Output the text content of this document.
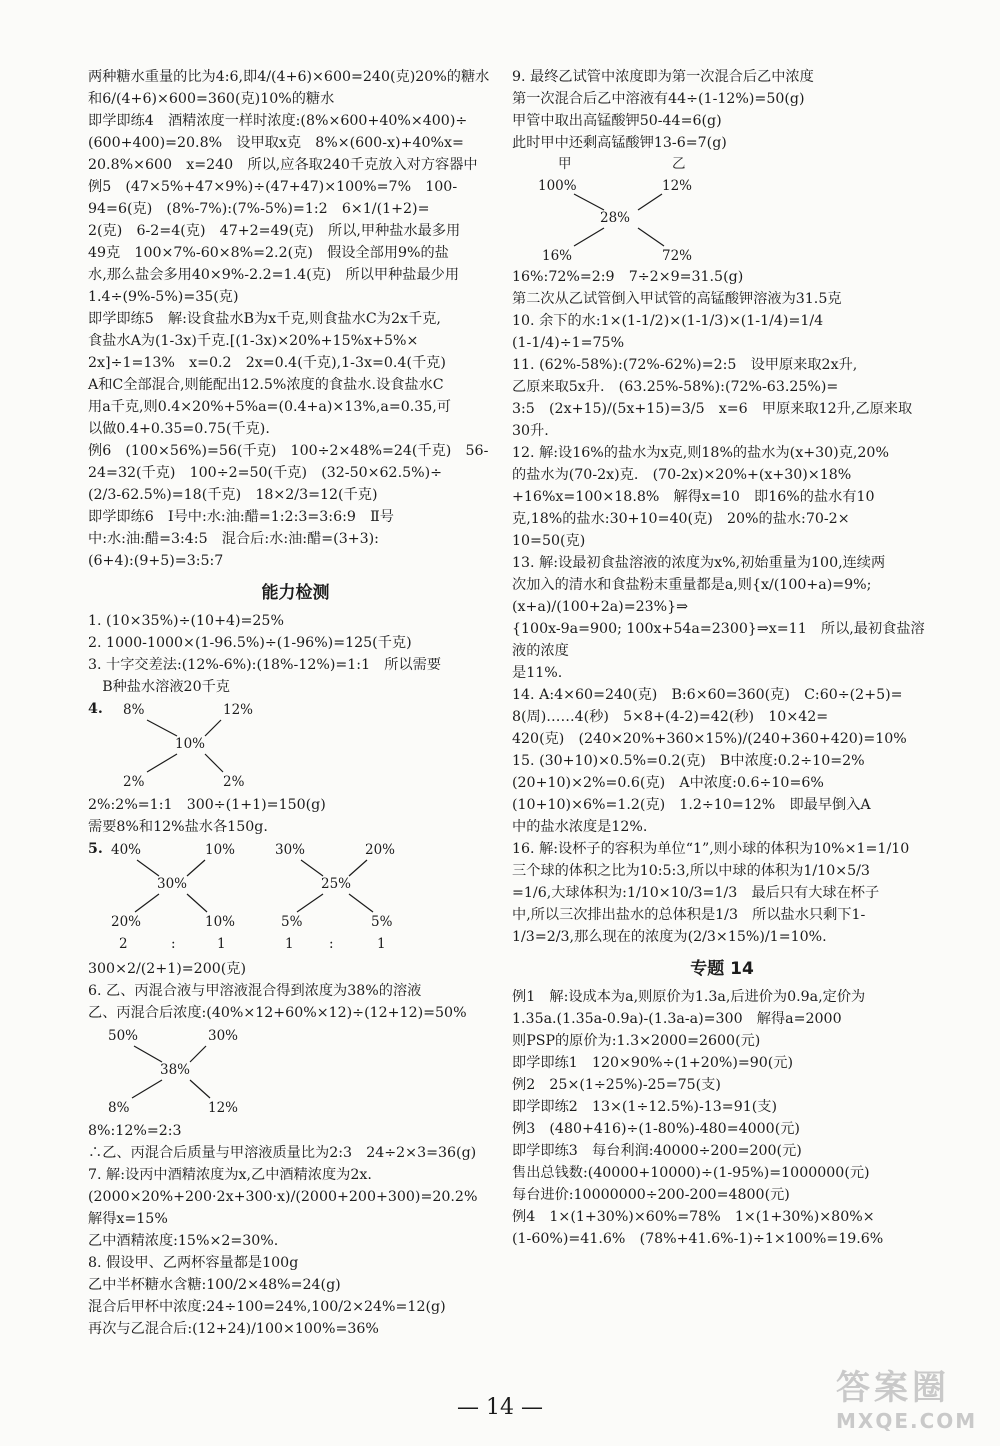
两种糖水重量的比为4:6,即4/(4+6)×600=240(克)20%的糖水

和6/(4+6)×600=360(克)10%的糖水

即学即练4　酒精浓度一样时浓度:(8%×600+40%×400)÷

(600+400)=20.8%　设甲取x克　8%×(600-x)+40%x=

20.8%×600　x=240　所以,应各取240千克放入对方容器中

例5　(47×5%+47×9%)÷(47+47)×100%=7%　100-

94=6(克)　(8%-7%):(7%-5%)=1:2　6×1/(1+2)=

2(克)　6-2=4(克)　47+2=49(克)　所以,甲种盐水最多用

49克　100×7%-60×8%=2.2(克)　假设全部用9%的盐

水,那么盐会多用40×9%-2.2=1.4(克)　所以甲种盐最少用

1.4÷(9%-5%)=35(克)

即学即练5　解:设食盐水B为x千克,则食盐水C为2x千克,

食盐水A为(1-3x)千克.[(1-3x)×20%+15%x+5%×

2x]÷1=13%　x=0.2　2x=0.4(千克),1-3x=0.4(千克)

A和C全部混合,则能配出12.5%浓度的食盐水.设食盐水C

用a千克,则0.4×20%+5%a=(0.4+a)×13%,a=0.35,可

以做0.4+0.35=0.75(千克).

例6　(100×56%)=56(千克)　100÷2×48%=24(千克)　56-

24=32(千克)　100÷2=50(千克)　(32-50×62.5%)÷

(2/3-62.5%)=18(千克)　18×2/3=12(千克)

即学即练6　Ⅰ号中:水:油:醋=1:2:3=3:6:9　Ⅱ号

中:水:油:醋=3:4:5　混合后:水:油:醋=(3+3):

(6+4):(9+5)=3:5:7

能力检测

1. (10×35%)÷(10+4)=25%

2. 1000-1000×(1-96.5%)÷(1-96%)=125(千克)

3. 十字交差法:(12%-6%):(18%-12%)=1:1　所以需要

　B种盐水溶液20千克

4. 8%	12%
10%
2%	2%

2%:2%=1:1　300÷(1+1)=150(g)

需要8%和12%盐水各150g.

5. 40%	10%
30%
20%	10%
2	:	1
30%	20%
25%
5%	5%
1	:	1

300×2/(2+1)=200(克)

6. 乙、丙混合液与甲溶液混合得到浓度为38%的溶液

乙、丙混合后浓度:(40%×12+60%×12)÷(12+12)=50%

50%	30%
38%
8%	12%

8%:12%=2:3

∴乙、丙混合后质量与甲溶液质量比为2:3　24÷2×3=36(g)

7. 解:设丙中酒精浓度为x,乙中酒精浓度为2x.

(2000×20%+200·2x+300·x)/(2000+200+300)=20.2%　解得x=15%

乙中酒精浓度:15%×2=30%.

8. 假设甲、乙两杯容量都是100g

乙中半杯糖水含糖:100/2×48%=24(g)

混合后甲杯中浓度:24÷100=24%,100/2×24%=12(g)

再次与乙混合后:(12+24)/100×100%=36%

9. 最终乙试管中浓度即为第一次混合后乙中浓度

第一次混合后乙中溶液有44÷(1-12%)=50(g)

甲管中取出高锰酸钾50-44=6(g)

此时甲中还剩高锰酸钾13-6=7(g)

甲	乙
100%	12%
28%
16%	72%

16%:72%=2:9　7÷2×9=31.5(g)

第二次从乙试管倒入甲试管的高锰酸钾溶液为31.5克

10. 余下的水:1×(1-1/2)×(1-1/3)×(1-1/4)=1/4

(1-1/4)÷1=75%

11. (62%-58%):(72%-62%)=2:5　设甲原来取2x升,

乙原来取5x升.　(63.25%-58%):(72%-63.25%)=

3:5　(2x+15)/(5x+15)=3/5　x=6　甲原来取12升,乙原来取

30升.

12. 解:设16%的盐水为x克,则18%的盐水为(x+30)克,20%

的盐水为(70-2x)克.　(70-2x)×20%+(x+30)×18%

+16%x=100×18.8%　解得x=10　即16%的盐水有10

克,18%的盐水:30+10=40(克)　20%的盐水:70-2×

10=50(克)

13. 解:设最初食盐溶液的浓度为x%,初始重量为100,连续两

次加入的清水和食盐粉末重量都是a,则{x/(100+a)=9%; (x+a)/(100+2a)=23%}⇒

{100x-9a=900; 100x+54a=2300}⇒x=11　所以,最初食盐溶液的浓度

是11%.

14. A:4×60=240(克)　B:6×60=360(克)　C:60÷(2+5)=

8(周)……4(秒)　5×8+(4-2)=42(秒)　10×42=

420(克)　(240×20%+360×15%)/(240+360+420)=10%

15. (30+10)×0.5%=0.2(克)　B中浓度:0.2÷10=2%

(20+10)×2%=0.6(克)　A中浓度:0.6÷10=6%

(10+10)×6%=1.2(克)　1.2÷10=12%　即最早倒入A

中的盐水浓度是12%.

16. 解:设杯子的容积为单位“1”,则小球的体积为10%×1=1/10

三个球的体积之比为10:5:3,所以中球的体积为1/10×5/3

=1/6,大球体积为:1/10×10/3=1/3　最后只有大球在杯子

中,所以三次排出盐水的总体积是1/3　所以盐水只剩下1-

1/3=2/3,那么现在的浓度为(2/3×15%)/1=10%.

专题 14

例1　解:设成本为a,则原价为1.3a,后进价为0.9a,定价为

1.35a.(1.35a-0.9a)-(1.3a-a)=300　解得a=2000

则PSP的原价为:1.3×2000=2600(元)

即学即练1　120×90%÷(1+20%)=90(元)

例2　25×(1÷25%)-25=75(支)

即学即练2　13×(1÷12.5%)-13=91(支)

例3　(480+416)÷(1-80%)-480=4000(元)

即学即练3　每台利润:40000÷200=200(元)

售出总钱数:(40000+10000)÷(1-95%)=1000000(元)

每台进价:10000000÷200-200=4800(元)

例4　1×(1+30%)×60%=78%　1×(1+30%)×80%×

(1-60%)=41.6%　(78%+41.6%-1)÷1×100%=19.6%

— 14 —	答案圈
MXQE.COM
